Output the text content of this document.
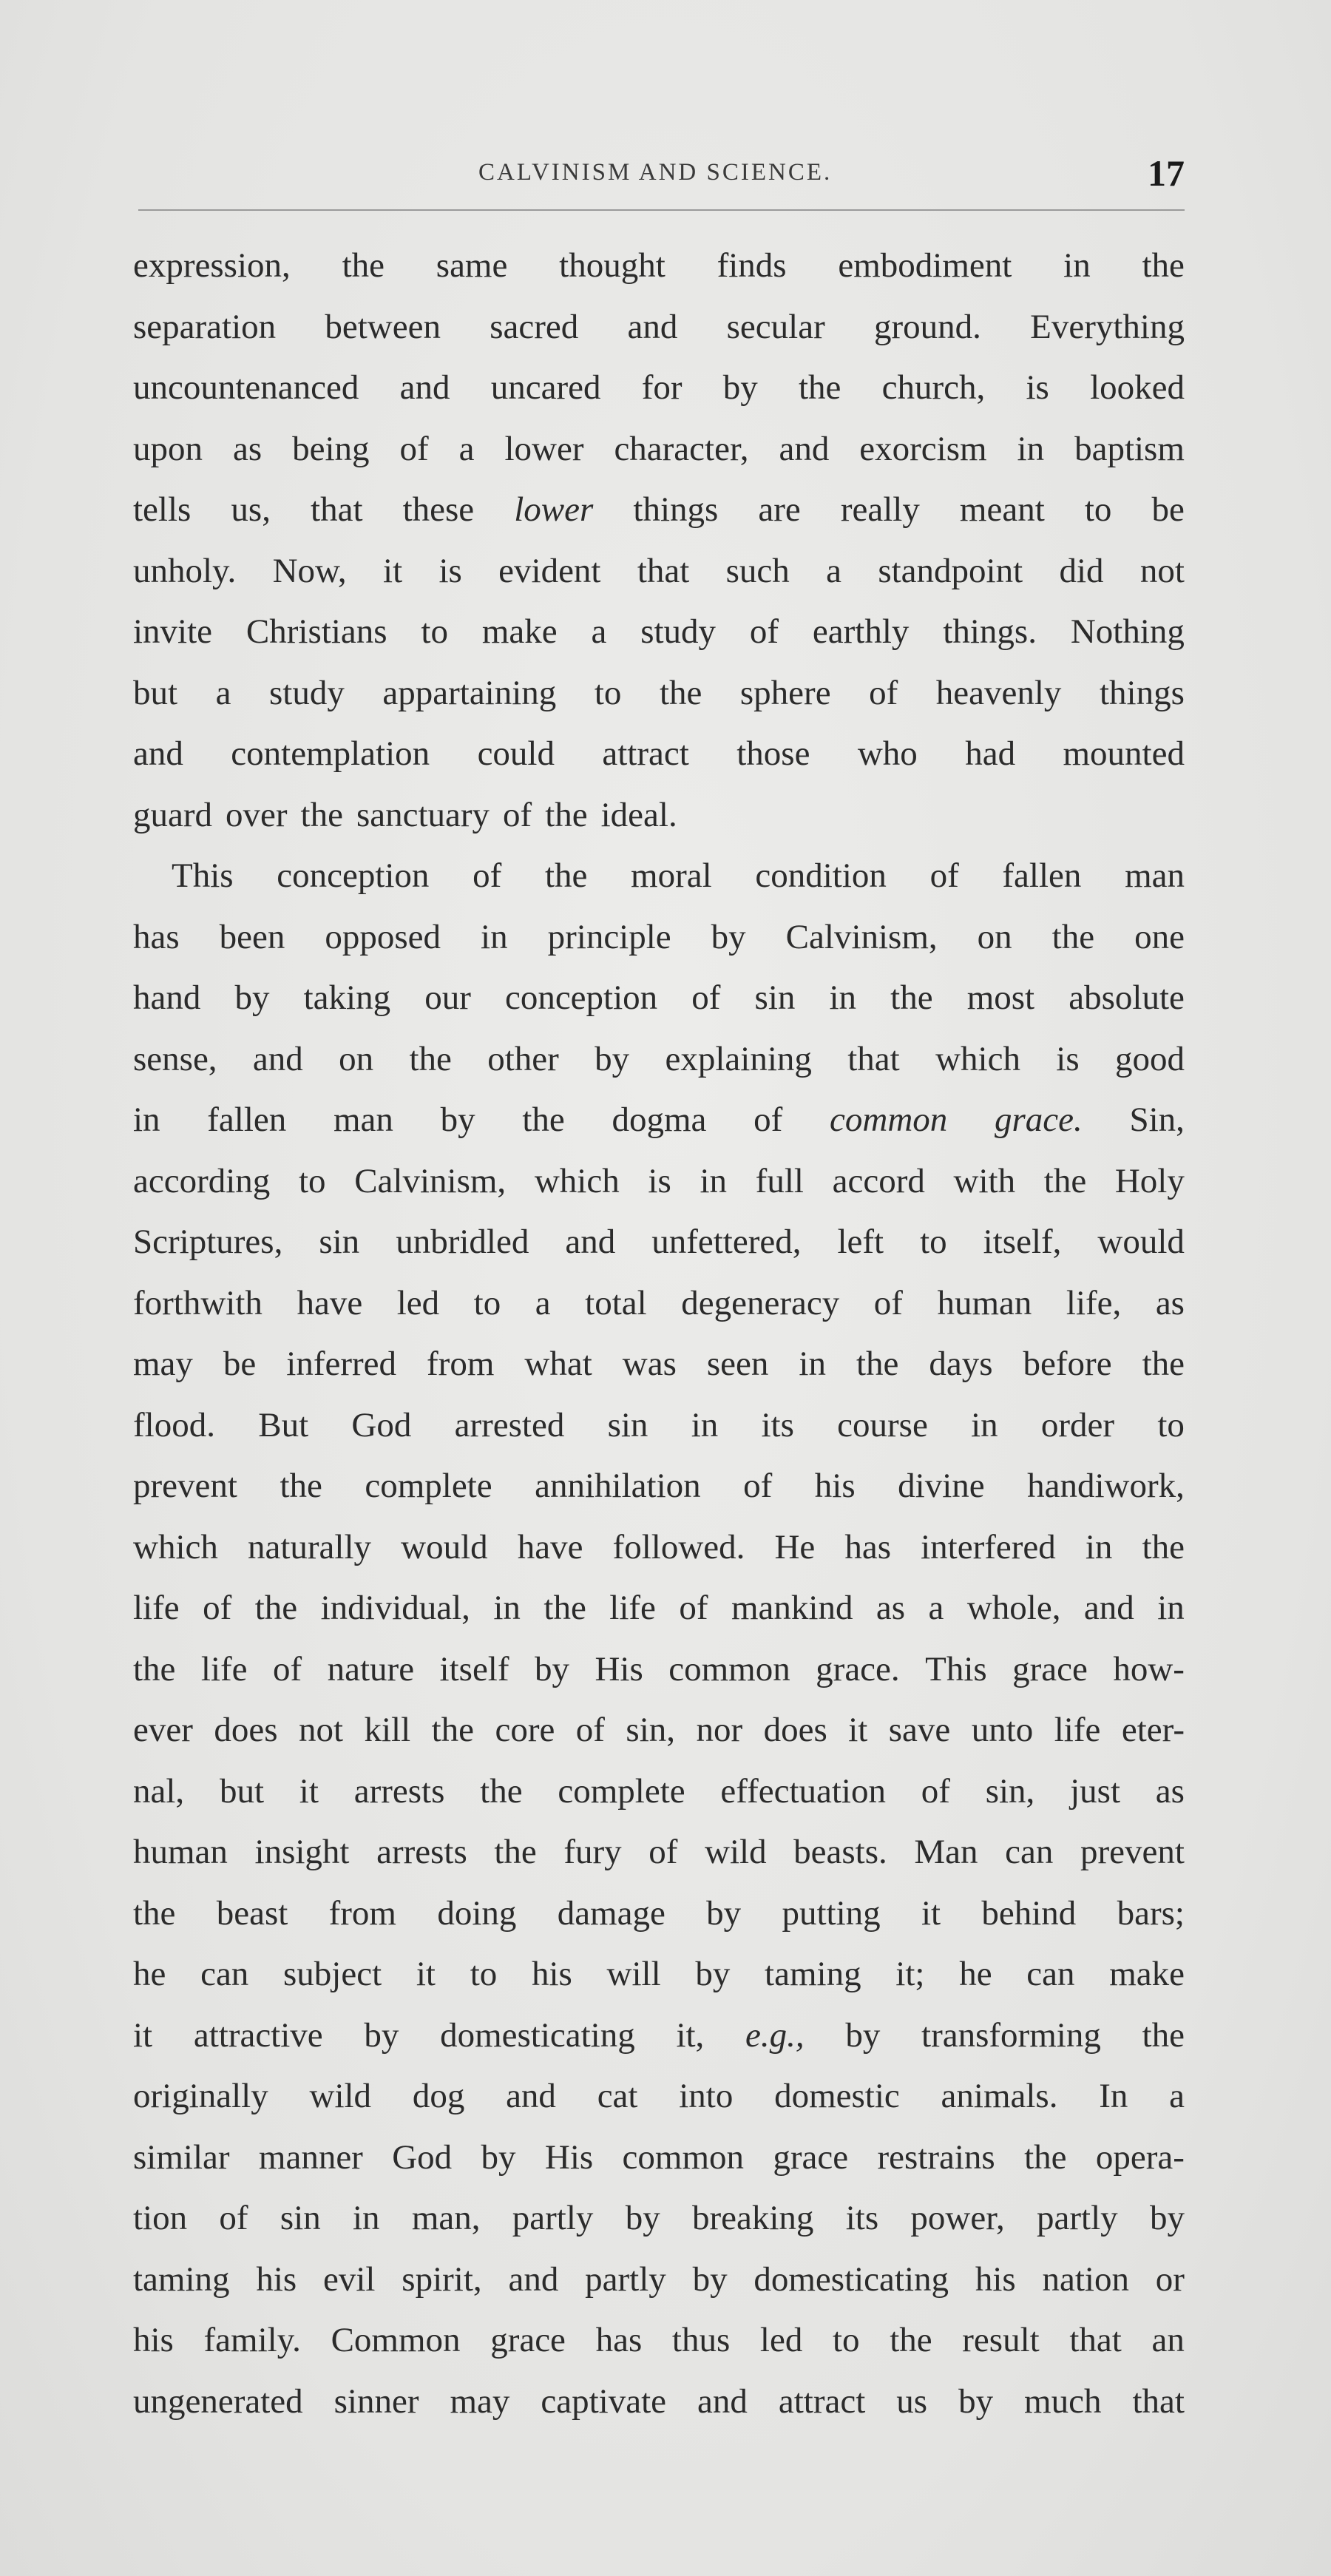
CALVINISM AND SCIENCE.	17
expression, the same thought finds embodiment in the
separation between sacred and secular ground. Everything
uncountenanced and uncared for by the church, is looked
upon as being of a lower character, and exorcism in baptism
tells us, that these lower things are really meant to be
unholy. Now, it is evident that such a standpoint did not
invite Christians to make a study of earthly things. Nothing
but a study appartaining to the sphere of heavenly things
and contemplation could attract those who had mounted
guard over the sanctuary of the ideal.
This conception of the moral condition of fallen man
has been opposed in principle by Calvinism, on the one
hand by taking our conception of sin in the most absolute
sense, and on the other by explaining that which is good
in fallen man by the dogma of common grace. Sin,
according to Calvinism, which is in full accord with the Holy
Scriptures, sin unbridled and unfettered, left to itself, would
forthwith have led to a total degeneracy of human life, as
may be inferred from what was seen in the days before the
flood. But God arrested sin in its course in order to
prevent the complete annihilation of his divine handiwork,
which naturally would have followed. He has interfered in the
life of the individual, in the life of mankind as a whole, and in
the life of nature itself by His common grace. This grace how-
ever does not kill the core of sin, nor does it save unto life eter-
nal, but it arrests the complete effectuation of sin, just as
human insight arrests the fury of wild beasts. Man can prevent
the beast from doing damage by putting it behind bars;
he can subject it to his will by taming it; he can make
it attractive by domesticating it, e.g., by transforming the
originally wild dog and cat into domestic animals. In a
similar manner God by His common grace restrains the opera-
tion of sin in man, partly by breaking its power, partly by
taming his evil spirit, and partly by domesticating his nation or
his family. Common grace has thus led to the result that an
ungenerated sinner may captivate and attract us by much that
